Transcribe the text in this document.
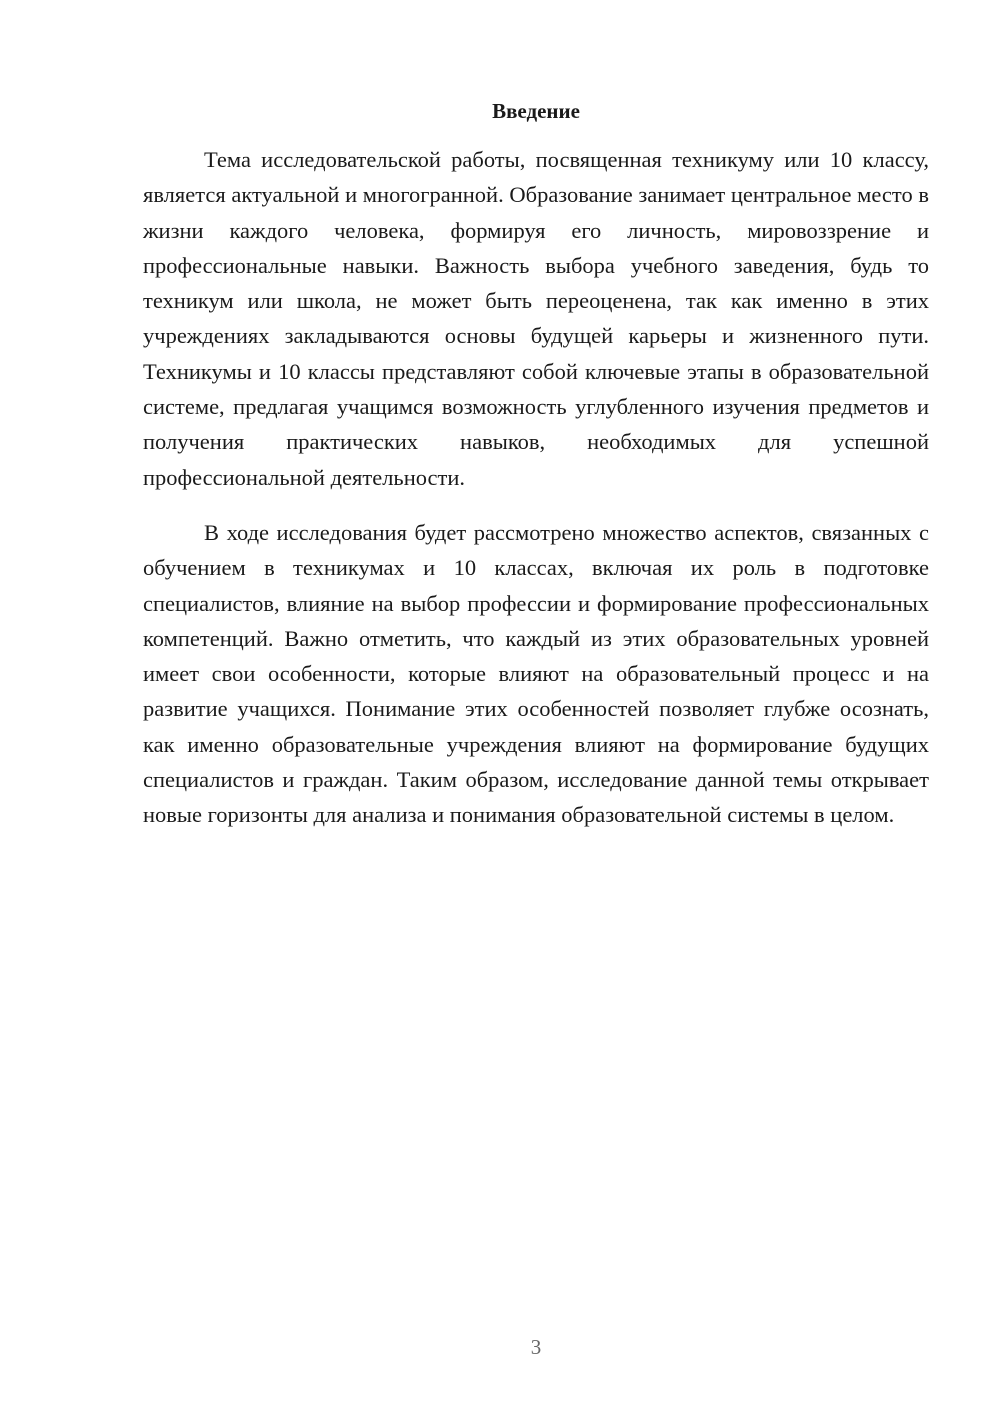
Введение

Тема исследовательской работы, посвященная техникуму или 10 классу, является актуальной и многогранной. Образование занимает центральное место в жизни каждого человека, формируя его личность, мировоззрение и профессиональные навыки. Важность выбора учебного заведения, будь то техникум или школа, не может быть переоценена, так как именно в этих учреждениях закладываются основы будущей карьеры и жизненного пути. Техникумы и 10 классы представляют собой ключевые этапы в образовательной системе, предлагая учащимся возможность углубленного изучения предметов и получения практических навыков, необходимых для успешной профессиональной деятельности.

В ходе исследования будет рассмотрено множество аспектов, связанных с обучением в техникумах и 10 классах, включая их роль в подготовке специалистов, влияние на выбор профессии и формирование профессиональных компетенций. Важно отметить, что каждый из этих образовательных уровней имеет свои особенности, которые влияют на образовательный процесс и на развитие учащихся. Понимание этих особенностей позволяет глубже осознать, как именно образовательные учреждения влияют на формирование будущих специалистов и граждан. Таким образом, исследование данной темы открывает новые горизонты для анализа и понимания образовательной системы в целом.

3
